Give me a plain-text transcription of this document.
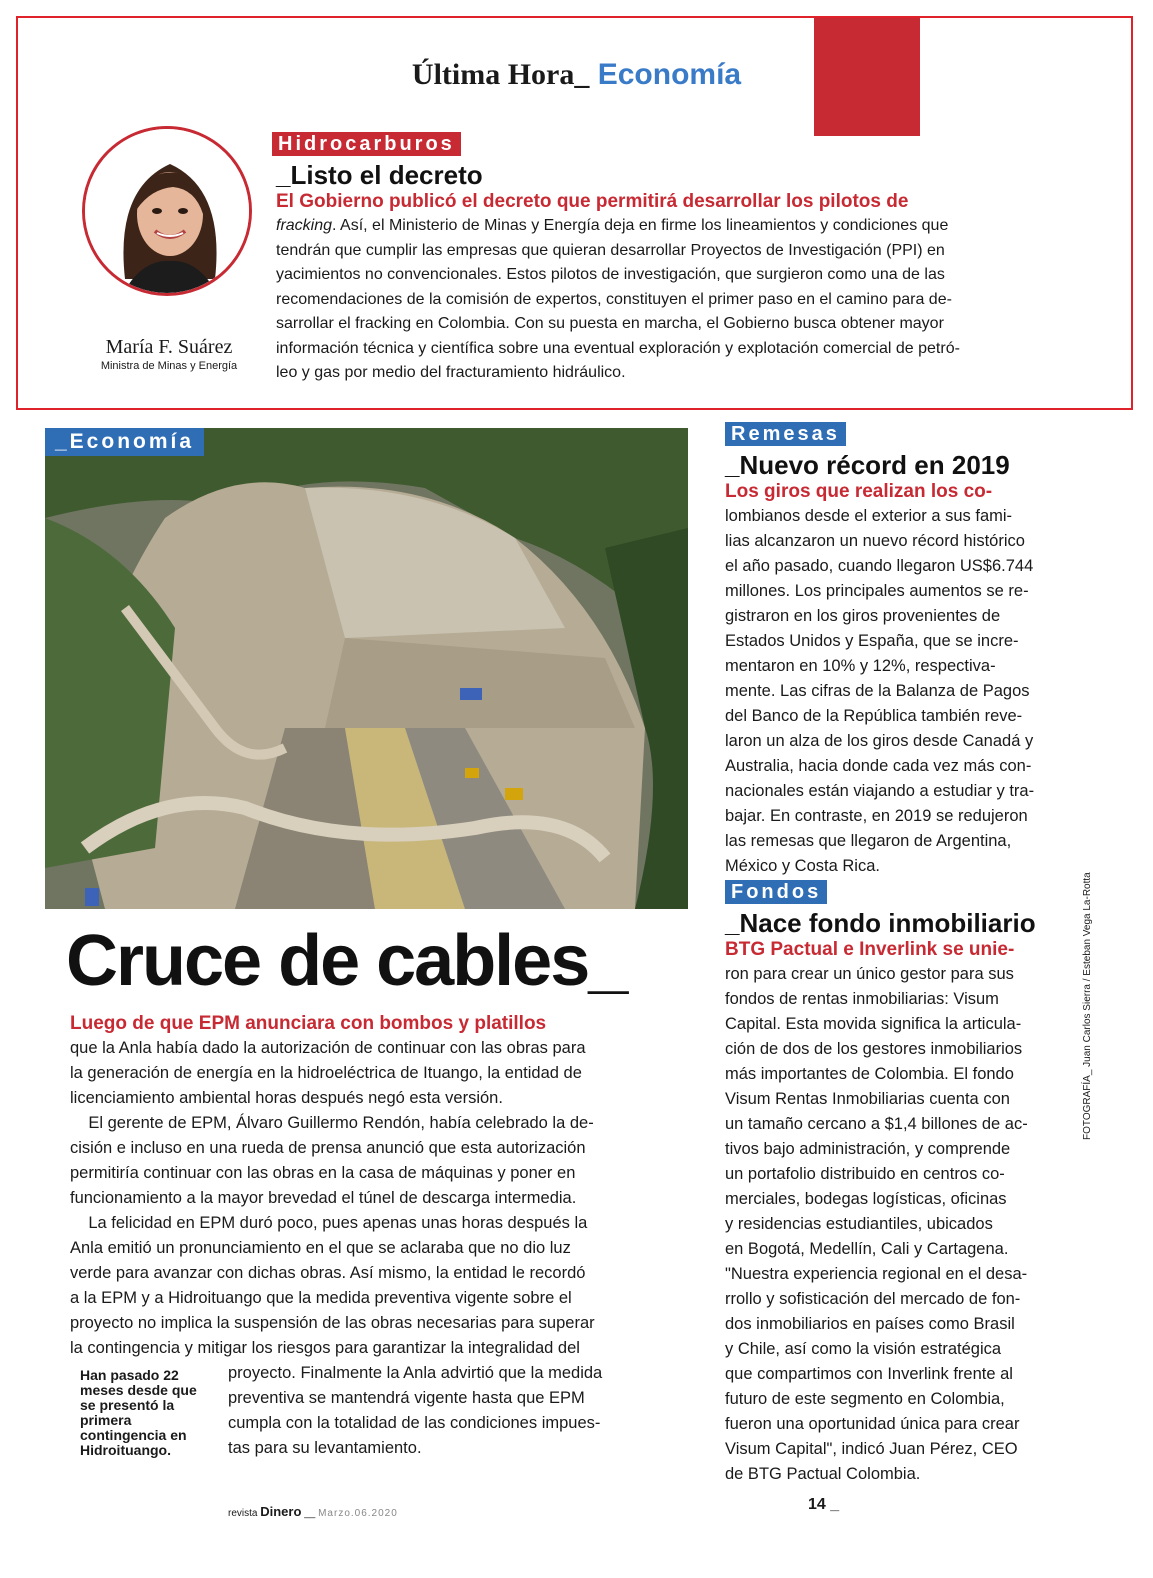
Última Hora_ Economía
María F. Suárez
Ministra de Minas y Energía
Hidrocarburos
_Listo el decreto
El Gobierno publicó el decreto que permitirá desarrollar los pilotos de

fracking. Así, el Ministerio de Minas y Energía deja en firme los lineamientos y condiciones que

tendrán que cumplir las empresas que quieran desarrollar Proyectos de Investigación (PPI) en

yacimientos no convencionales. Estos pilotos de investigación, que surgieron como una de las

recomendaciones de la comisión de expertos, constituyen el primer paso en el camino para de-

sarrollar el fracking en Colombia. Con su puesta en marcha, el Gobierno busca obtener mayor

información técnica y científica sobre una eventual exploración y explotación comercial de petró-

leo y gas por medio del fracturamiento hidráulico.

_Economía
Cruce de cables_
Luego de que EPM anunciara con bombos y platillos

que la Anla había dado la autorización de continuar con las obras para

la generación de energía en la hidroeléctrica de Ituango, la entidad de

licenciamiento ambiental horas después negó esta versión.

El gerente de EPM, Álvaro Guillermo Rendón, había celebrado la de-

cisión e incluso en una rueda de prensa anunció que esta autorización

permitiría continuar con las obras en la casa de máquinas y poner en

funcionamiento a la mayor brevedad el túnel de descarga intermedia.

La felicidad en EPM duró poco, pues apenas unas horas después la

Anla emitió un pronunciamiento en el que se aclaraba que no dio luz

verde para avanzar con dichas obras. Así mismo, la entidad le recordó

a la EPM y a Hidroituango que la medida preventiva vigente sobre el

proyecto no implica la suspensión de las obras necesarias para superar

la contingencia y mitigar los riesgos para garantizar la integralidad del

proyecto. Finalmente la Anla advirtió que la medida

preventiva se mantendrá vigente hasta que EPM

cumpla con la totalidad de las condiciones impues-

tas para su levantamiento.

Han pasado 22 meses desde que se presentó la primera contingencia en Hidroituango.
Remesas
_Nuevo récord en 2019
Los giros que realizan los co-

lombianos desde el exterior a sus fami-

lias alcanzaron un nuevo récord histórico

el año pasado, cuando llegaron US$6.744

millones. Los principales aumentos se re-

gistraron en los giros provenientes de

Estados Unidos y España, que se incre-

mentaron en 10% y 12%, respectiva-

mente. Las cifras de la Balanza de Pagos

del Banco de la República también reve-

laron un alza de los giros desde Canadá y

Australia, hacia donde cada vez más con-

nacionales están viajando a estudiar y tra-

bajar. En contraste, en 2019 se redujeron

las remesas que llegaron de Argentina,

México y Costa Rica.

Fondos
_Nace fondo inmobiliario
BTG Pactual e Inverlink se unie-

ron para crear un único gestor para sus

fondos de rentas inmobiliarias: Visum

Capital. Esta movida significa la articula-

ción de dos de los gestores inmobiliarios

más importantes de Colombia. El fondo

Visum Rentas Inmobiliarias cuenta con

un tamaño cercano a $1,4 billones de ac-

tivos bajo administración, y comprende

un portafolio distribuido en centros co-

merciales, bodegas logísticas, oficinas

y residencias estudiantiles, ubicados

en Bogotá, Medellín, Cali y Cartagena.

"Nuestra experiencia regional en el desa-

rrollo y sofisticación del mercado de fon-

dos inmobiliarios en países como Brasil

y Chile, así como la visión estratégica

que compartimos con Inverlink frente al

futuro de este segmento en Colombia,

fueron una oportunidad única para crear

Visum Capital", indicó Juan Pérez, CEO

de BTG Pactual Colombia.

FOTOGRAFÍA_ Juan Carlos Sierra / Esteban Vega La-Rotta
revista Dinero __ Marzo.06.2020
14 _
